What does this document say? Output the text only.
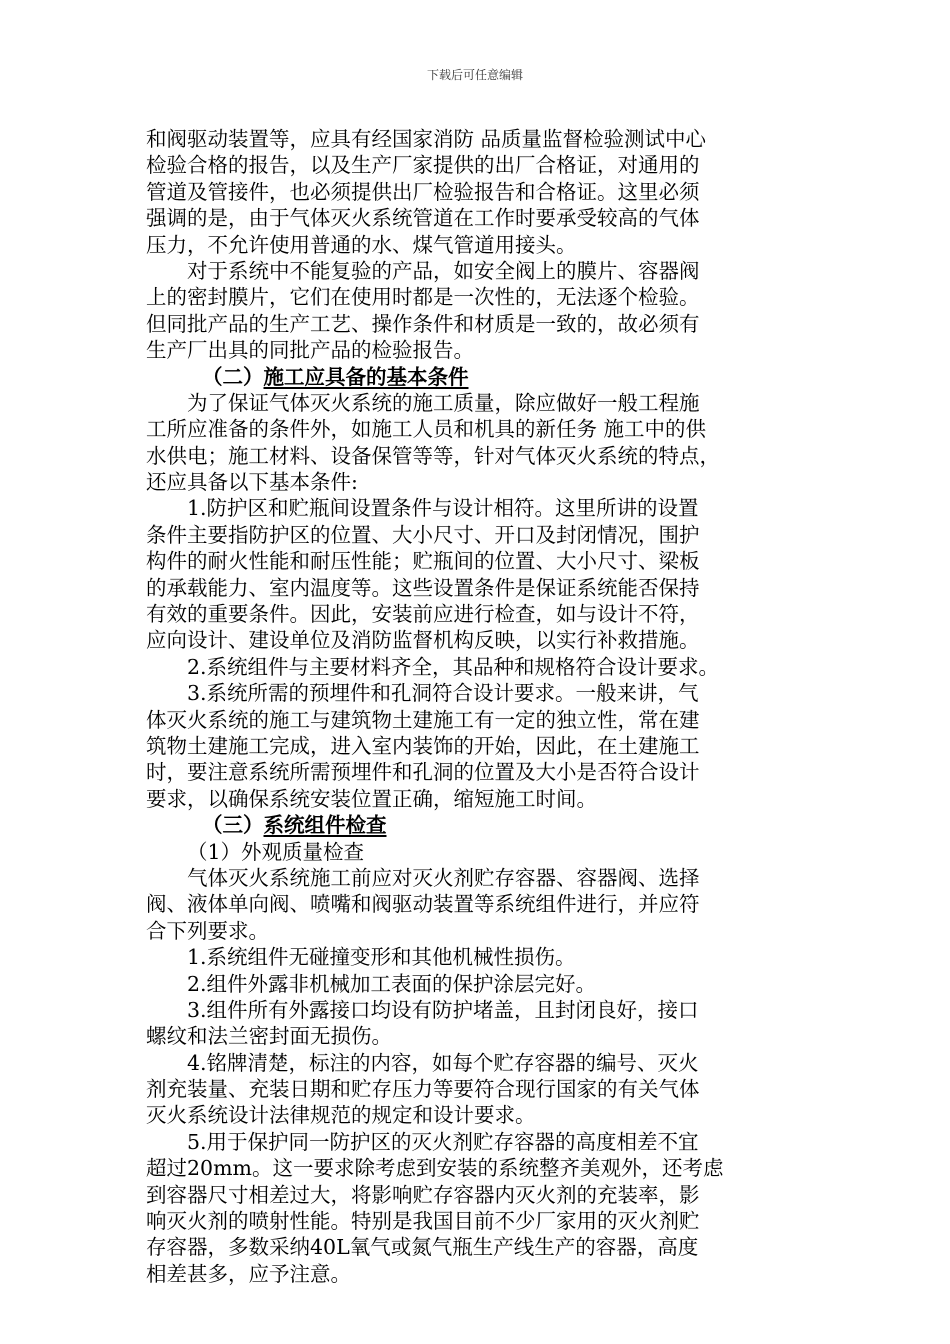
下载后可任意编辑
和阀驱动装置等，应具有经国家消防 品质量监督检验测试中心
检验合格的报告，以及生产厂家提供的出厂合格证，对通用的
管道及管接件，也必须提供出厂检验报告和合格证。这里必须
强调的是，由于气体灭火系统管道在工作时要承受较高的气体
压力，不允许使用普通的水、煤气管道用接头。
对于系统中不能复验的产品，如安全阀上的膜片、容器阀
上的密封膜片，它们在使用时都是一次性的，无法逐个检验。
但同批产品的生产工艺、操作条件和材质是一致的，故必须有
生产厂出具的同批产品的检验报告。
（二）施工应具备的基本条件
为了保证气体灭火系统的施工质量，除应做好一般工程施
工所应准备的条件外，如施工人员和机具的新任务 施工中的供
水供电；施工材料、设备保管等等，针对气体灭火系统的特点，
还应具备以下基本条件:
1.防护区和贮瓶间设置条件与设计相符。这里所讲的设置
条件主要指防护区的位置、大小尺寸、开口及封闭情况，围护
构件的耐火性能和耐压性能；贮瓶间的位置、大小尺寸、梁板
的承载能力、室内温度等。这些设置条件是保证系统能否保持
有效的重要条件。因此，安装前应进行检查，如与设计不符，
应向设计、建设单位及消防监督机构反映，以实行补救措施。
2.系统组件与主要材料齐全，其品种和规格符合设计要求。
3.系统所需的预埋件和孔洞符合设计要求。一般来讲，气
体灭火系统的施工与建筑物土建施工有一定的独立性，常在建
筑物土建施工完成，进入室内装饰的开始，因此，在土建施工
时，要注意系统所需预埋件和孔洞的位置及大小是否符合设计
要求，以确保系统安装位置正确，缩短施工时间。
（三）系统组件检查
（1）外观质量检查
气体灭火系统施工前应对灭火剂贮存容器、容器阀、选择
阀、液体单向阀、喷嘴和阀驱动装置等系统组件进行，并应符
合下列要求。
1.系统组件无碰撞变形和其他机械性损伤。
2.组件外露非机械加工表面的保护涂层完好。
3.组件所有外露接口均设有防护堵盖，且封闭良好，接口
螺纹和法兰密封面无损伤。
4.铭牌清楚，标注的内容，如每个贮存容器的编号、灭火
剂充装量、充装日期和贮存压力等要符合现行国家的有关气体
灭火系统设计法律规范的规定和设计要求。
5.用于保护同一防护区的灭火剂贮存容器的高度相差不宜
超过20mm。这一要求除考虑到安装的系统整齐美观外，还考虑
到容器尺寸相差过大，将影响贮存容器内灭火剂的充装率，影
响灭火剂的喷射性能。特别是我国目前不少厂家用的灭火剂贮
存容器，多数采纳40L氧气或氮气瓶生产线生产的容器，高度
相差甚多，应予注意。
